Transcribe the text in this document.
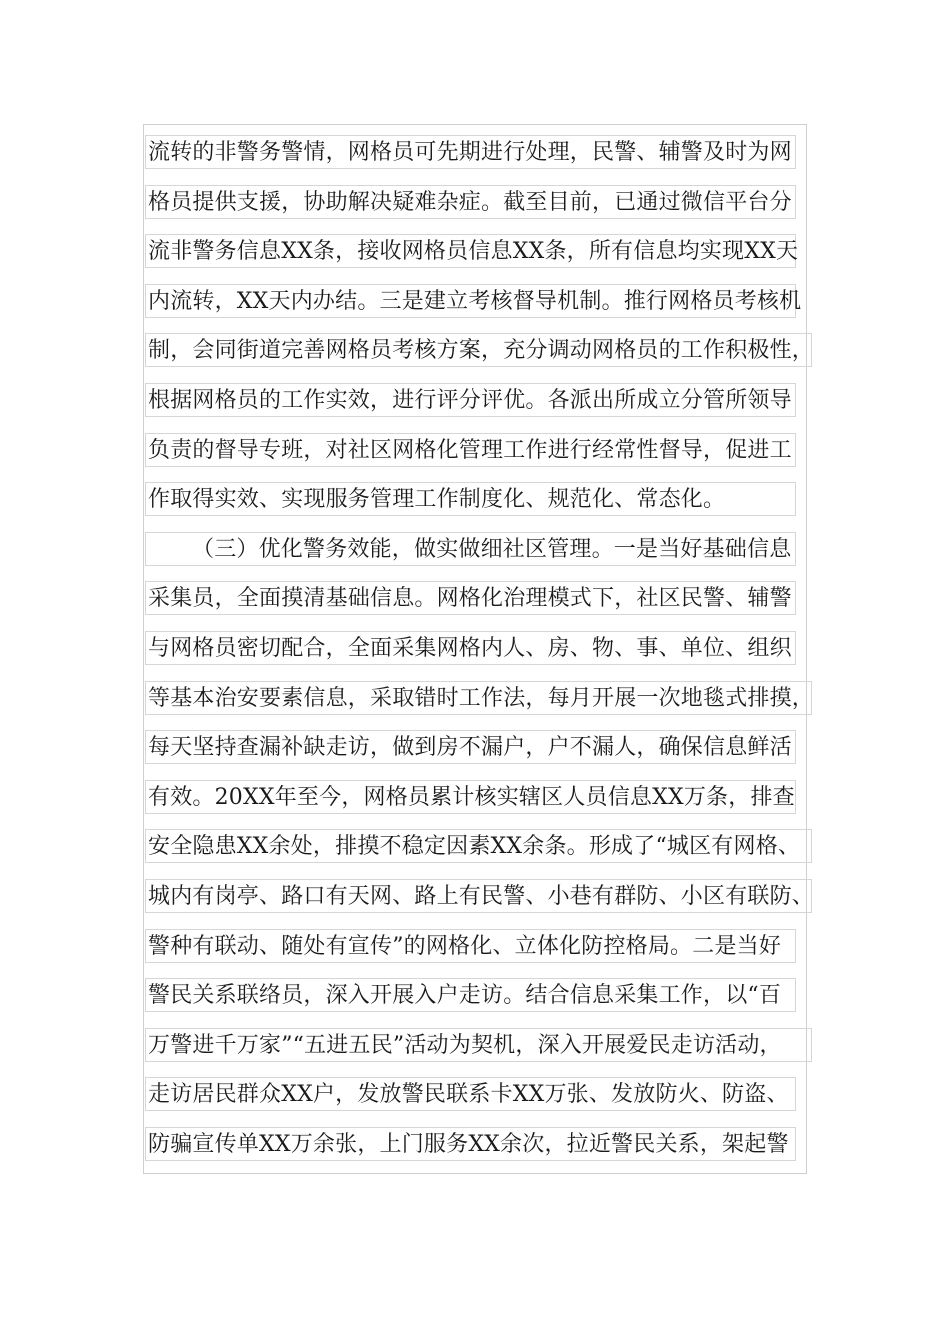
流转的非警务警情，网格员可先期进行处理，民警、辅警及时为网
格员提供支援，协助解决疑难杂症。截至目前，已通过微信平台分
流非警务信息XX条，接收网格员信息XX条，所有信息均实现XX天
内流转，XX天内办结。三是建立考核督导机制。推行网格员考核机
制，会同街道完善网格员考核方案，充分调动网格员的工作积极性，
根据网格员的工作实效，进行评分评优。各派出所成立分管所领导
负责的督导专班，对社区网格化管理工作进行经常性督导，促进工
作取得实效、实现服务管理工作制度化、规范化、常态化。
（三）优化警务效能，做实做细社区管理。一是当好基础信息
采集员，全面摸清基础信息。网格化治理模式下，社区民警、辅警
与网格员密切配合，全面采集网格内人、房、物、事、单位、组织
等基本治安要素信息，采取错时工作法，每月开展一次地毯式排摸，
每天坚持查漏补缺走访，做到房不漏户，户不漏人，确保信息鲜活
有效。20XX年至今，网格员累计核实辖区人员信息XX万条，排查
安全隐患XX余处，排摸不稳定因素XX余条。形成了“城区有网格、
城内有岗亭、路口有天网、路上有民警、小巷有群防、小区有联防、
警种有联动、随处有宣传”的网格化、立体化防控格局。二是当好
警民关系联络员，深入开展入户走访。结合信息采集工作，以“百
万警进千万家”“五进五民”活动为契机，深入开展爱民走访活动，
走访居民群众XX户，发放警民联系卡XX万张、发放防火、防盗、
防骗宣传单XX万余张，上门服务XX余次，拉近警民关系，架起警
